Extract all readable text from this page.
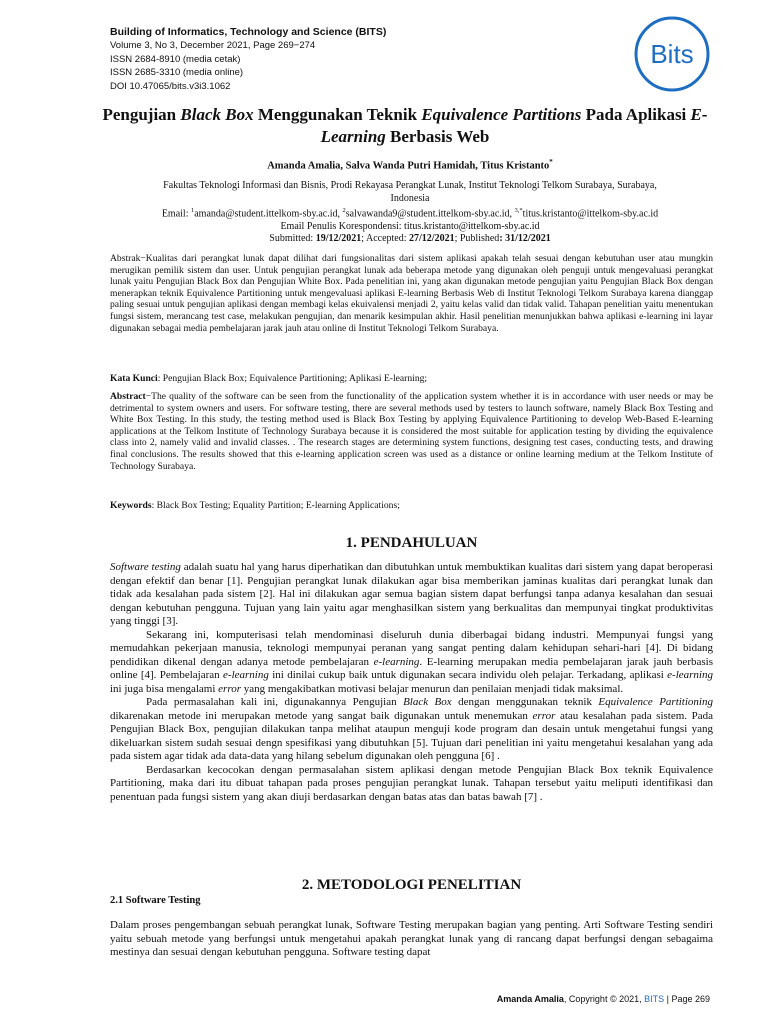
Building of Informatics, Technology and Science (BITS)
Volume 3, No 3, December 2021, Page 269−274
ISSN 2684-8910 (media cetak)
ISSN 2685-3310 (media online)
DOI 10.47065/bits.v3i3.1062
Bits
Pengujian Black Box Menggunakan Teknik Equivalence Partitions Pada Aplikasi E-Learning Berbasis Web
Amanda Amalia, Salva Wanda Putri Hamidah, Titus Kristanto*
Fakultas Teknologi Informasi dan Bisnis, Prodi Rekayasa Perangkat Lunak, Institut Teknologi Telkom Surabaya, Surabaya,
Indonesia
Email: $^1$amanda@student.ittelkom-sby.ac.id, $^2$salvawanda9@student.ittelkom-sby.ac.id, $^{3,*}$titus.kristanto@ittelkom-sby.ac.id
Email Penulis Korespondensi: titus.kristanto@ittelkom-sby.ac.id
Submitted: 19/12/2021; Accepted: 27/12/2021; Published: 31/12/2021
Abstrak−Kualitas dari perangkat lunak dapat dilihat dari fungsionalitas dari sistem aplikasi apakah telah sesuai dengan kebutuhan user atau mungkin merugikan pemilik sistem dan user. Untuk pengujian perangkat lunak ada beberapa metode yang digunakan oleh penguji untuk mengevaluasi perangkat lunak yaitu Pengujian Black Box dan Pengujian White Box. Pada penelitian ini, yang akan digunakan metode pengujian yaitu Pengujian Black Box dengan menerapkan teknik Equivalence Partitioning untuk mengevaluasi aplikasi E-learning Berbasis Web di Institut Teknologi Telkom Surabaya karena dianggap paling sesuai untuk pengujian aplikasi dengan membagi kelas ekuivalensi menjadi 2, yaitu kelas valid dan tidak valid. Tahapan penelitian yaitu menentukan fungsi sistem, merancang test case, melakukan pengujian, dan menarik kesimpulan akhir. Hasil penelitian menunjukkan bahwa aplikasi e-learning ini layar digunakan sebagai media pembelajaran jarak jauh atau online di Institut Teknologi Telkom Surabaya.
Kata Kunci: Pengujian Black Box; Equivalence Partitioning; Aplikasi E-learning;
Abstract−The quality of the software can be seen from the functionality of the application system whether it is in accordance with user needs or may be detrimental to system owners and users. For software testing, there are several methods used by testers to launch software, namely Black Box Testing and White Box Testing. In this study, the testing method used is Black Box Testing by applying Equivalence Partitioning to develop Web-Based E-learning applications at the Telkom Institute of Technology Surabaya because it is considered the most suitable for application testing by dividing the equivalence class into 2, namely valid and invalid classes. . The research stages are determining system functions, designing test cases, conducting tests, and drawing final conclusions. The results showed that this e-learning application screen was used as a distance or online learning medium at the Telkom Institute of Technology Surabaya.
Keywords: Black Box Testing; Equality Partition; E-learning Applications;
1. PENDAHULUAN

Software testing adalah suatu hal yang harus diperhatikan dan dibutuhkan untuk membuktikan kualitas dari sistem yang dapat beroperasi dengan efektif dan benar [1]. Pengujian perangkat lunak dilakukan agar bisa memberikan jaminas kualitas dari perangkat lunak dan tidak ada kesalahan pada sistem [2]. Hal ini dilakukan agar semua bagian sistem dapat berfungsi tanpa adanya kesalahan dan sesuai dengan kebutuhan pengguna. Tujuan yang lain yaitu agar menghasilkan sistem yang berkualitas dan mempunyai tingkat produktivitas yang tinggi [3].

Sekarang ini, komputerisasi telah mendominasi diseluruh dunia diberbagai bidang industri. Mempunyai fungsi yang memudahkan pekerjaan manusia, teknologi mempunyai peranan yang sangat penting dalam kehidupan sehari-hari [4]. Di bidang pendidikan dikenal dengan adanya metode pembelajaran e-learning. E-learning merupakan media pembelajaran jarak jauh berbasis online [4]. Pembelajaran e-learning ini dinilai cukup baik untuk digunakan secara individu oleh pelajar. Terkadang, aplikasi e-learning ini juga bisa mengalami error yang mengakibatkan motivasi belajar menurun dan penilaian menjadi tidak maksimal.

Pada permasalahan kali ini, digunakannya Pengujian Black Box dengan menggunakan teknik Equivalence Partitioning dikarenakan metode ini merupakan metode yang sangat baik digunakan untuk menemukan error atau kesalahan pada sistem. Pada Pengujian Black Box, pengujian dilakukan tanpa melihat ataupun menguji kode program dan desain untuk mengetahui fungsi yang dikeluarkan sistem sudah sesuai dengn spesifikasi yang dibutuhkan [5]. Tujuan dari penelitian ini yaitu mengetahui kesalahan yang ada pada sistem agar tidak ada data-data yang hilang sebelum digunakan oleh pengguna [6] .

Berdasarkan kecocokan dengan permasalahan sistem aplikasi dengan metode Pengujian Black Box teknik Equivalence Partitioning, maka dari itu dibuat tahapan pada proses pengujian perangkat lunak. Tahapan tersebut yaitu meliputi identifikasi dan penentuan pada fungsi sistem yang akan diuji berdasarkan dengan batas atas dan batas bawah [7] .

2. METODOLOGI PENELITIAN
2.1 Software Testing

Dalam proses pengembangan sebuah perangkat lunak, Software Testing merupakan bagian yang penting. Arti Software Testing sendiri yaitu sebuah metode yang berfungsi untuk mengetahui apakah perangkat lunak yang di rancang dapat berfungsi dengan sebagaima mestinya dan sesuai dengan kebutuhan pengguna. Software testing dapat

Amanda Amalia, Copyright © 2021, BITS | Page 269
